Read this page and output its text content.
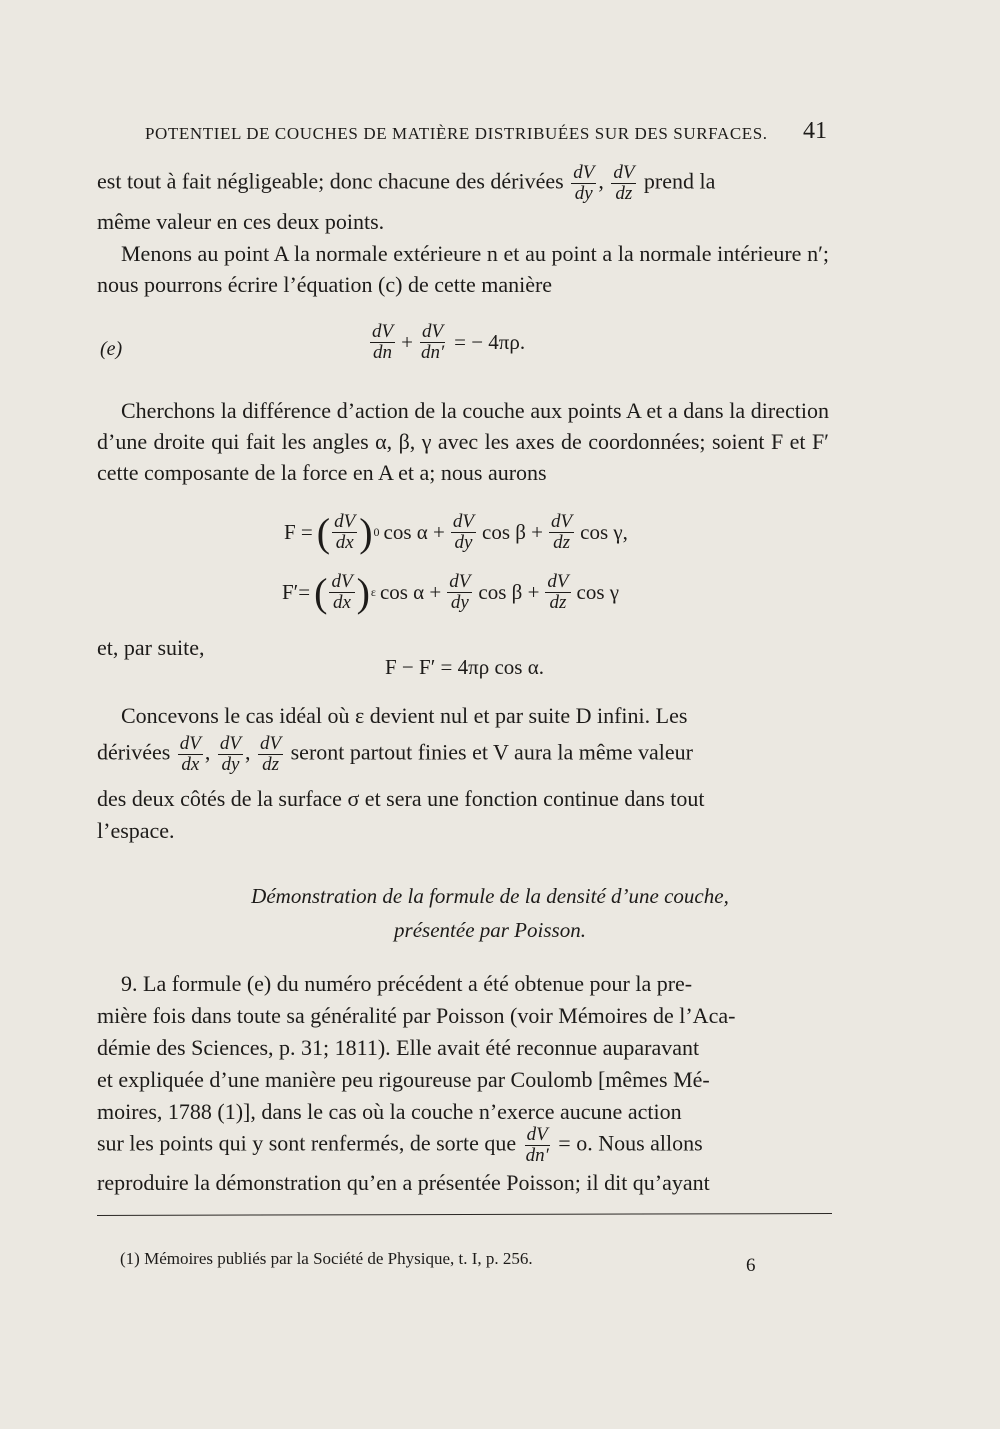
POTENTIEL DE COUCHES DE MATIÈRE DISTRIBUÉES SUR DES SURFACES. 41
est tout à fait négligeable; donc chacune des dérivées $\frac{dV}{dy}$ , $\frac{dV}{dz}$ prend la
même valeur en ces deux points.
Menons au point A la normale extérieure n et au point a la normale intérieure n′; nous pourrons écrire l’équation (c) de cette manière
(e)	$\frac{dV}{dn} + \frac{dV}{dn'}$ = − 4πρ.
Cherchons la différence d’action de la couche aux points A et a dans la direction d’une droite qui fait les angles α, β, γ avec les axes de coordonnées; soient F et F′ cette composante de la force en A et a; nous aurons
F = ( $\frac{dV}{dx}$ ) 0 $\cos \alpha + \frac{dV}{dy}$ $\cos \beta + \frac{dV}{dz}$ cos γ,
F′= ( $\frac{dV}{dx}$ ) ε $\cos \alpha + \frac{dV}{dy}$ $\cos \beta + \frac{dV}{dz}$ cos γ
et, par suite,
F − F′ = 4πρ cos α.
Concevons le cas idéal où ε devient nul et par suite D infini. Les
dérivées $\frac{dV}{dx}$ , $\frac{dV}{dy}$ , $\frac{dV}{dz}$ seront partout finies et V aura la même valeur
des deux côtés de la surface σ et sera une fonction continue dans tout
l’espace.
Démonstration de la formule de la densité d’une couche,
présentée par Poisson.
9. La formule (e) du numéro précédent a été obtenue pour la pre-
mière fois dans toute sa généralité par Poisson (voir Mémoires de l’Aca-
démie des Sciences, p. 31; 1811). Elle avait été reconnue auparavant
et expliquée d’une manière peu rigoureuse par Coulomb [mêmes Mé-
moires, 1788 (1)], dans le cas où la couche n’exerce aucune action
sur les points qui y sont renfermés, de sorte que $\frac{dV}{dn'} = o$. Nous allons
reproduire la démonstration qu’en a présentée Poisson; il dit qu’ayant
(1) Mémoires publiés par la Société de Physique, t. I, p. 256.	6
